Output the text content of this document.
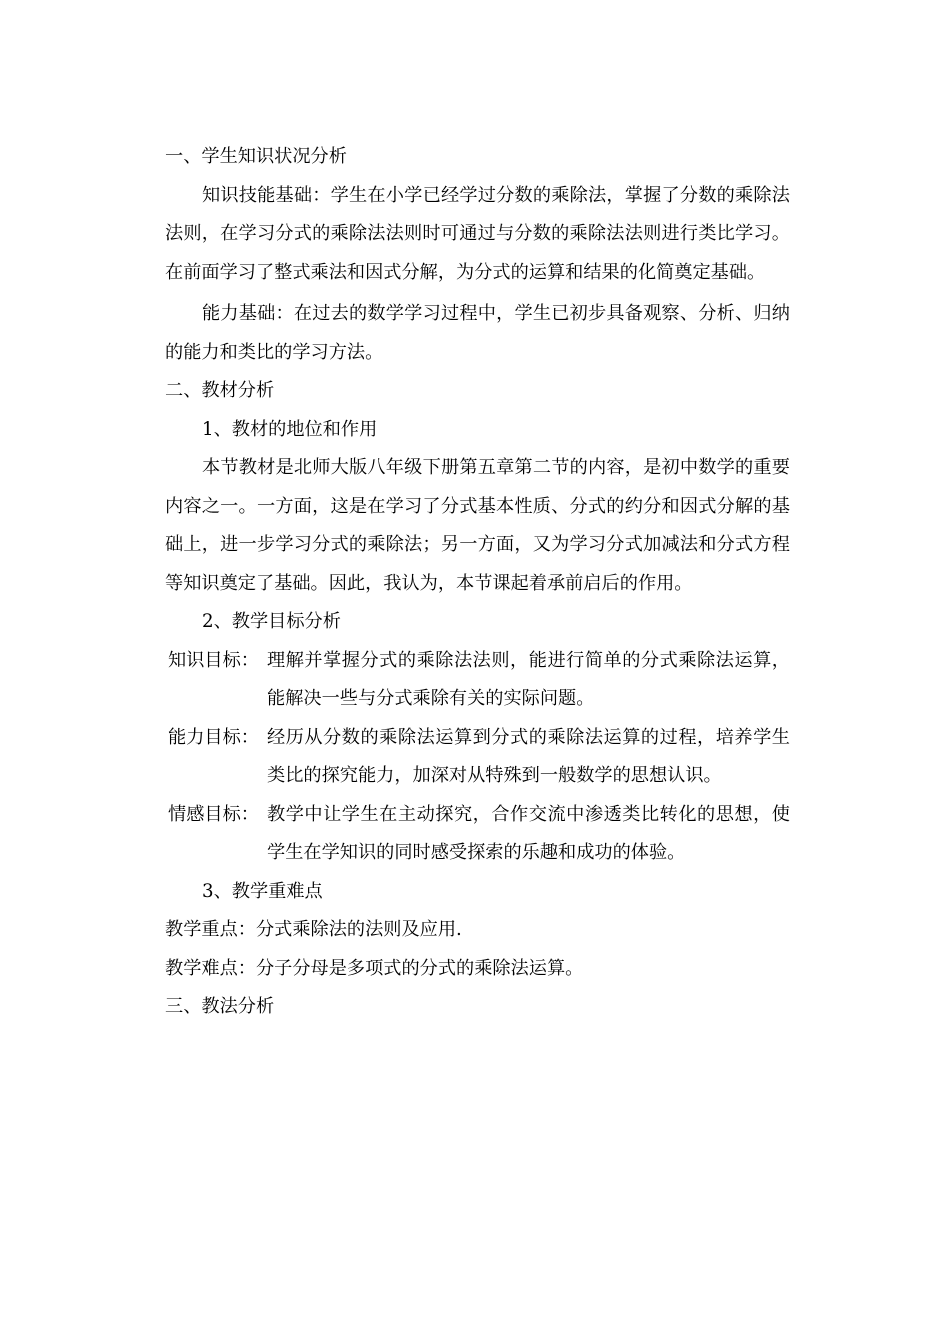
一、学生知识状况分析

知识技能基础：学生在小学已经学过分数的乘除法，掌握了分数的乘除法法则，在学习分式的乘除法法则时可通过与分数的乘除法法则进行类比学习。在前面学习了整式乘法和因式分解，为分式的运算和结果的化简奠定基础。

能力基础：在过去的数学学习过程中，学生已初步具备观察、分析、归纳的能力和类比的学习方法。

二、教材分析

1、教材的地位和作用

本节教材是北师大版八年级下册第五章第二节的内容，是初中数学的重要内容之一。一方面，这是在学习了分式基本性质、分式的约分和因式分解的基础上，进一步学习分式的乘除法；另一方面，又为学习分式加减法和分式方程等知识奠定了基础。因此，我认为，本节课起着承前启后的作用。

2、教学目标分析

知识目标： 理解并掌握分式的乘除法法则，能进行简单的分式乘除法运算，能解决一些与分式乘除有关的实际问题。
能力目标： 经历从分数的乘除法运算到分式的乘除法运算的过程，培养学生类比的探究能力，加深对从特殊到一般数学的思想认识。
情感目标： 教学中让学生在主动探究，合作交流中渗透类比转化的思想，使学生在学知识的同时感受探索的乐趣和成功的体验。

3、教学重难点

教学重点：分式乘除法的法则及应用.

教学难点：分子分母是多项式的分式的乘除法运算。

三、教法分析
